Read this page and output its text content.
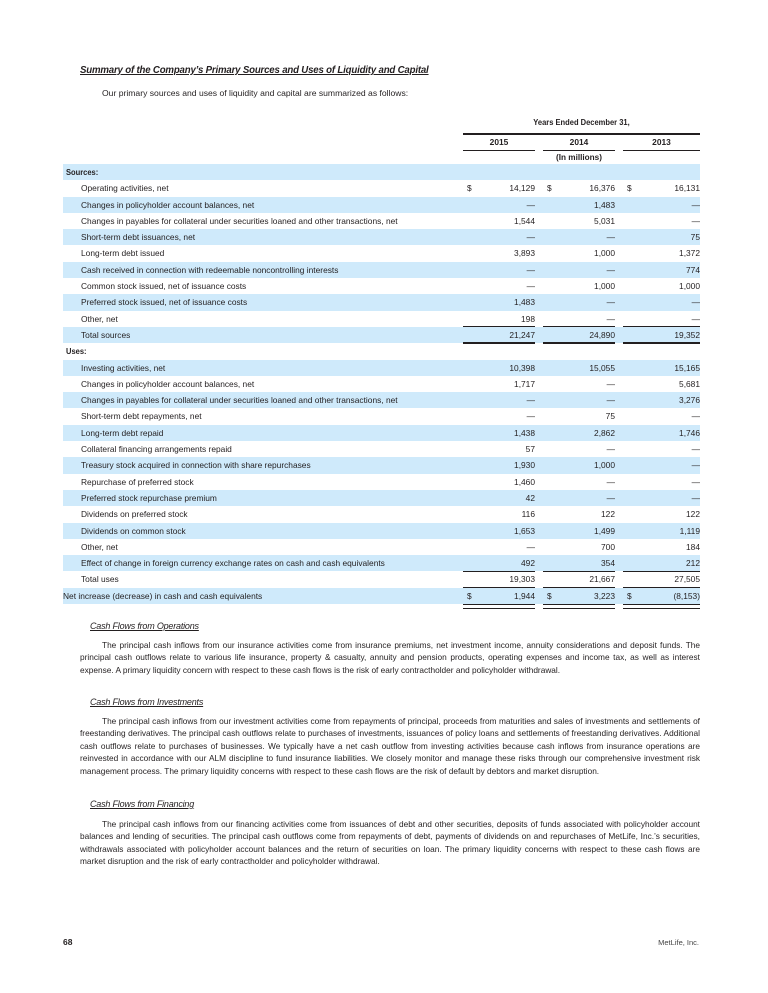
Summary of the Company’s Primary Sources and Uses of Liquidity and Capital
Our primary sources and uses of liquidity and capital are summarized as follows:
Years Ended December 31,
2015	2014	2013
(In millions)
Sources:
Operating activities, net	$	14,129 $	16,376 $	16,131
Changes in policyholder account balances, net	—	1,483	—
Changes in payables for collateral under securities loaned and other transactions, net	1,544	5,031	—
Short-term debt issuances, net	—	—	75
Long-term debt issued	3,893	1,000	1,372
Cash received in connection with redeemable noncontrolling interests	—	—	774
Common stock issued, net of issuance costs	—	1,000	1,000
Preferred stock issued, net of issuance costs	1,483	—	—
Other, net	198	—	—
Total sources	21,247	24,890	19,352
Uses:
Investing activities, net	10,398	15,055	15,165
Changes in policyholder account balances, net	1,717	—	5,681
Changes in payables for collateral under securities loaned and other transactions, net	—	—	3,276
Short-term debt repayments, net	—	75	—
Long-term debt repaid	1,438	2,862	1,746
Collateral financing arrangements repaid	57	—	—
Treasury stock acquired in connection with share repurchases	1,930	1,000	—
Repurchase of preferred stock	1,460	—	—
Preferred stock repurchase premium	42	—	—
Dividends on preferred stock	116	122	122
Dividends on common stock	1,653	1,499	1,119
Other, net	—	700	184
Effect of change in foreign currency exchange rates on cash and cash equivalents	492	354	212
Total uses	19,303	21,667	27,505
Net increase (decrease) in cash and cash equivalents	$	1,944 $	3,223 $	(8,153)
Cash Flows from Operations
The principal cash inflows from our insurance activities come from insurance premiums, net investment income, annuity considerations and deposit funds. The principal cash outflows relate to various life insurance, property & casualty, annuity and pension products, operating expenses and income tax, as well as interest expense. A primary liquidity concern with respect to these cash flows is the risk of early contractholder and policyholder withdrawal.
Cash Flows from Investments
The principal cash inflows from our investment activities come from repayments of principal, proceeds from maturities and sales of investments and settlements of freestanding derivatives. The principal cash outflows relate to purchases of investments, issuances of policy loans and settlements of freestanding derivatives. Additional cash outflows relate to purchases of businesses. We typically have a net cash outflow from investing activities because cash inflows from insurance operations are reinvested in accordance with our ALM discipline to fund insurance liabilities. We closely monitor and manage these risks through our comprehensive investment risk management process. The primary liquidity concerns with respect to these cash flows are the risk of default by debtors and market disruption.
Cash Flows from Financing
The principal cash inflows from our financing activities come from issuances of debt and other securities, deposits of funds associated with policyholder account balances and lending of securities. The principal cash outflows come from repayments of debt, payments of dividends on and repurchases of MetLife, Inc.’s securities, withdrawals associated with policyholder account balances and the return of securities on loan. The primary liquidity concerns with respect to these cash flows are market disruption and the risk of early contractholder and policyholder withdrawal.
68	MetLife, Inc.
